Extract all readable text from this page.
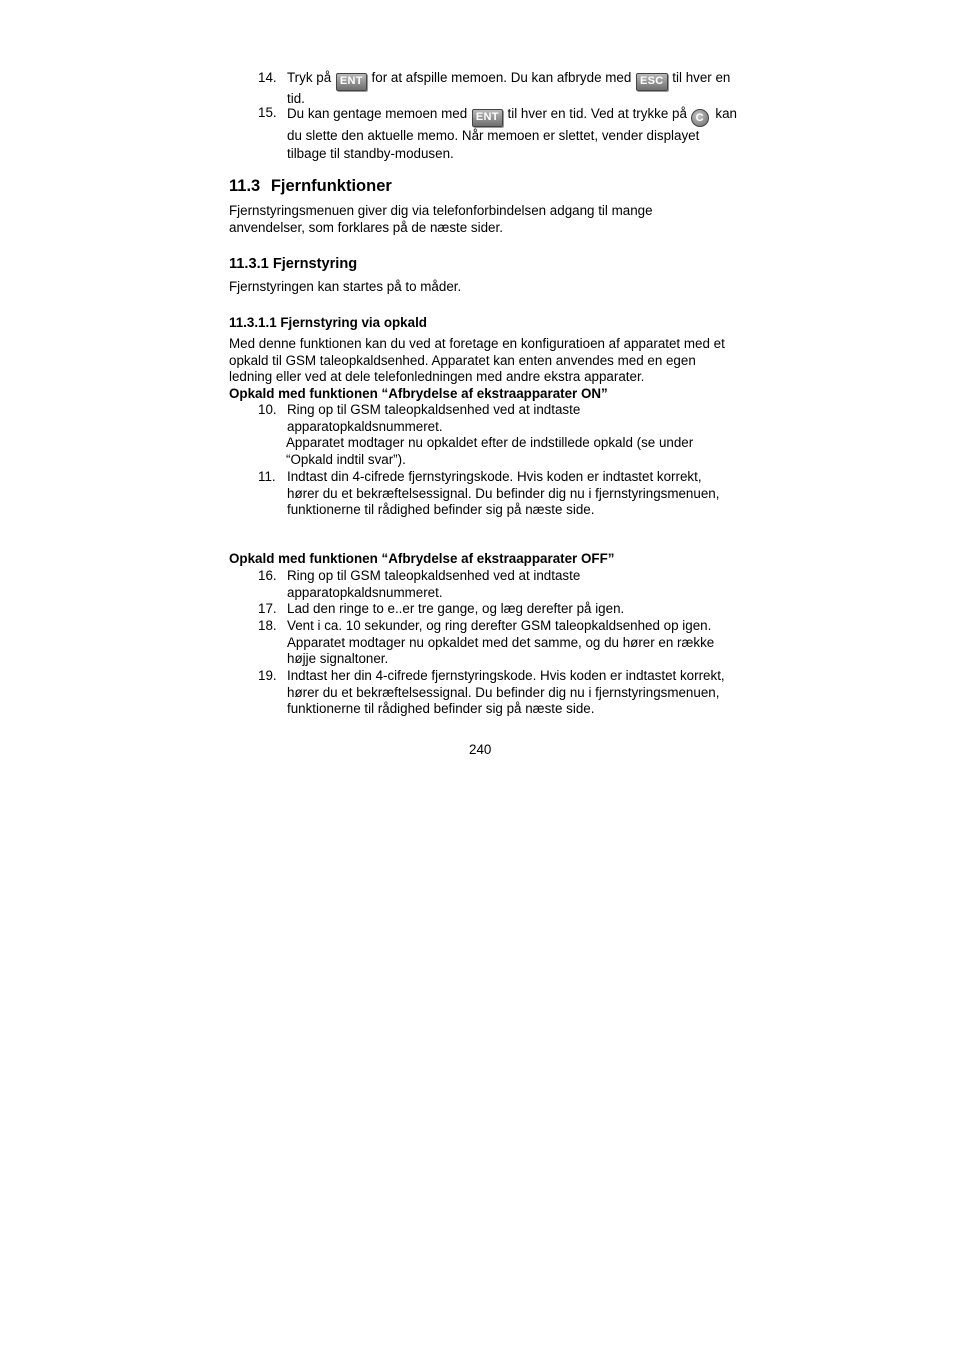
14. Tryk på ENT for at afspille memoen. Du kan afbryde med ESC til hver en tid.
15. Du kan gentage memoen med ENT til hver en tid. Ved at trykke på C kan du slette den aktuelle memo. Når memoen er slettet, vender displayet tilbage til standby-modusen.
11.3 Fjernfunktioner

Fjernstyringsmenuen giver dig via telefonforbindelsen adgang til mange anvendelser, som forklares på de næste sider.

11.3.1 Fjernstyring

Fjernstyringen kan startes på to måder.

11.3.1.1 Fjernstyring via opkald

Med denne funktionen kan du ved at foretage en konfiguratioen af apparatet med et opkald til GSM taleopkaldsenhed. Apparatet kan enten anvendes med en egen ledning eller ved at dele telefonledningen med andre ekstra apparater.

Opkald med funktionen “Afbrydelse af ekstraapparater ON”
10. Ring op til GSM taleopkaldsenhed ved at indtaste apparatopkaldsnummeret.
Apparatet modtager nu opkaldet efter de indstillede opkald (se under “Opkald indtil svar”).
11. Indtast din 4-cifrede fjernstyringskode. Hvis koden er indtastet korrekt, hører du et bekræftelsessignal. Du befinder dig nu i fjernstyringsmenuen, funktionerne til rådighed befinder sig på næste side.
Opkald med funktionen “Afbrydelse af ekstraapparater OFF”
16. Ring op til GSM taleopkaldsenhed ved at indtaste apparatopkaldsnummeret.
17. Lad den ringe to e..er tre gange, og læg derefter på igen.
18. Vent i ca. 10 sekunder, og ring derefter GSM taleopkaldsenhed op igen. Apparatet modtager nu opkaldet med det samme, og du hører en række højje signaltoner.
19. Indtast her din 4-cifrede fjernstyringskode. Hvis koden er indtastet korrekt, hører du et bekræftelsessignal. Du befinder dig nu i fjernstyringsmenuen, funktionerne til rådighed befinder sig på næste side.
240
